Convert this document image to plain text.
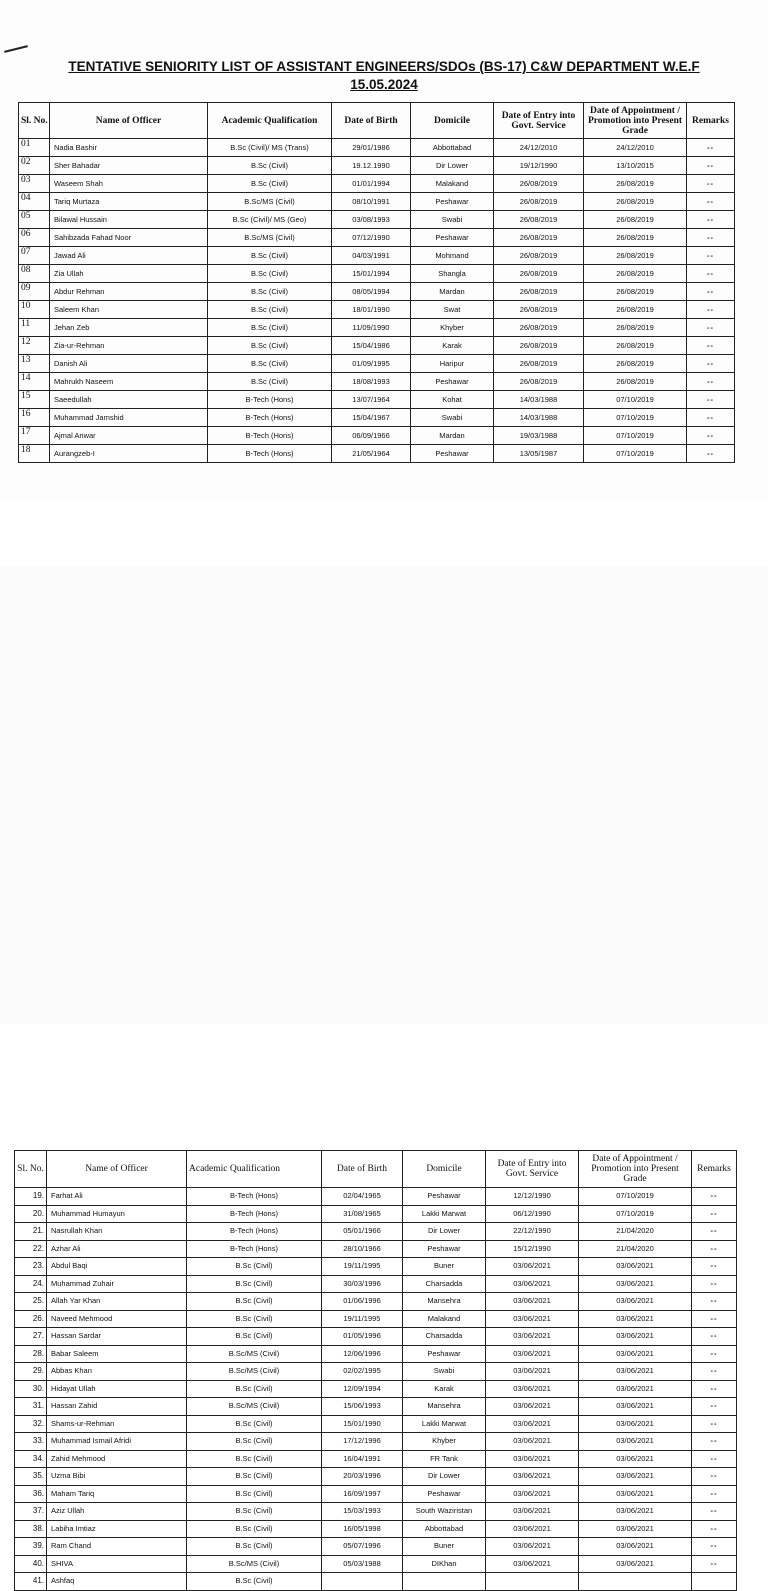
TENTATIVE SENIORITY LIST OF ASSISTANT ENGINEERS/SDOs (BS-17) C&W DEPARTMENT W.E.F
15.05.2024
Sl. No.	Name of Officer	Academic Qualification	Date of Birth	Domicile	Date of Entry into Govt. Service	Date of Appointment / Promotion into Present Grade	Remarks
01	Nadia Bashir	B.Sc (Civil)/ MS (Trans)	29/01/1986	Abbottabad	24/12/2010	24/12/2010	--
02	Sher Bahadar	B.Sc (Civil)	19.12.1990	Dir Lower	19/12/1990	13/10/2015	--
03	Waseem Shah	B.Sc (Civil)	01/01/1994	Malakand	26/08/2019	26/08/2019	--
04	Tariq Murtaza	B.Sc/MS (Civil)	08/10/1991	Peshawar	26/08/2019	26/08/2019	--
05	Bilawal Hussain	B.Sc (Civil)/ MS (Geo)	03/08/1993	Swabi	26/08/2019	26/08/2019	--
06	Sahibzada Fahad Noor	B.Sc/MS (Civil)	07/12/1990	Peshawar	26/08/2019	26/08/2019	--
07	Jawad Ali	B.Sc (Civil)	04/03/1991	Mohmand	26/08/2019	26/08/2019	--
08	Zia Ullah	B.Sc (Civil)	15/01/1994	Shangla	26/08/2019	26/08/2019	--
09	Abdur Rehman	B.Sc (Civil)	08/05/1994	Mardan	26/08/2019	26/08/2019	--
10	Saleem Khan	B.Sc (Civil)	18/01/1990	Swat	26/08/2019	26/08/2019	--
11	Jehan Zeb	B.Sc (Civil)	11/09/1990	Khyber	26/08/2019	26/08/2019	--
12	Zia-ur-Rehman	B.Sc (Civil)	15/04/1986	Karak	26/08/2019	26/08/2019	--
13	Danish Ali	B.Sc (Civil)	01/09/1995	Haripur	26/08/2019	26/08/2019	--
14	Mahrukh Naseem	B.Sc (Civil)	18/08/1993	Peshawar	26/08/2019	26/08/2019	--
15	Saeedullah	B-Tech (Hons)	13/07/1964	Kohat	14/03/1988	07/10/2019	--
16	Muhammad Jamshid	B-Tech (Hons)	15/04/1967	Swabi	14/03/1988	07/10/2019	--
17	Ajmal Anwar	B-Tech (Hons)	06/09/1966	Mardan	19/03/1988	07/10/2019	--
18	Aurangzeb-I	B-Tech (Hons)	21/05/1964	Peshawar	13/05/1987	07/10/2019	--
Sl. No.	Name of Officer	Academic Qualification	Date of Birth	Domicile	Date of Entry into Govt. Service	Date of Appointment / Promotion into Present Grade	Remarks
19.	Farhat Ali	B-Tech (Hons)	02/04/1965	Peshawar	12/12/1990	07/10/2019	--
20.	Muhammad Humayun	B-Tech (Hons)	31/08/1965	Lakki Marwat	06/12/1990	07/10/2019	--
21.	Nasrullah Khan	B-Tech (Hons)	05/01/1966	Dir Lower	22/12/1990	21/04/2020	--
22.	Azhar Ali	B-Tech (Hons)	28/10/1966	Peshawar	15/12/1990	21/04/2020	--
23.	Abdul Baqi	B.Sc (Civil)	19/11/1995	Buner	03/06/2021	03/06/2021	--
24.	Muhammad Zuhair	B.Sc (Civil)	30/03/1996	Charsadda	03/06/2021	03/06/2021	--
25.	Allah Yar Khan	B.Sc (Civil)	01/06/1996	Mansehra	03/06/2021	03/06/2021	--
26.	Naveed Mehmood	B.Sc (Civil)	19/11/1995	Malakand	03/06/2021	03/06/2021	--
27.	Hassan Sardar	B.Sc (Civil)	01/05/1996	Charsadda	03/06/2021	03/06/2021	--
28.	Babar Saleem	B.Sc/MS (Civil)	12/06/1996	Peshawar	03/06/2021	03/06/2021	--
29.	Abbas Khan	B.Sc/MS (Civil)	02/02/1995	Swabi	03/06/2021	03/06/2021	--
30.	Hidayat Ullah	B.Sc (Civil)	12/09/1994	Karak	03/06/2021	03/06/2021	--
31.	Hassan Zahid	B.Sc/MS (Civil)	15/06/1993	Mansehra	03/06/2021	03/06/2021	--
32.	Shams-ur-Rehman	B.Sc (Civil)	15/01/1990	Lakki Marwat	03/06/2021	03/06/2021	--
33.	Muhammad Ismail Afridi	B.Sc (Civil)	17/12/1996	Khyber	03/06/2021	03/06/2021	--
34.	Zahid Mehmood	B.Sc (Civil)	16/04/1991	FR Tank	03/06/2021	03/06/2021	--
35.	Uzma Bibi	B.Sc (Civil)	20/03/1996	Dir Lower	03/06/2021	03/06/2021	--
36.	Maham Tariq	B.Sc (Civil)	16/09/1997	Peshawar	03/06/2021	03/06/2021	--
37.	Aziz Ullah	B.Sc (Civil)	15/03/1993	South Waziristan	03/06/2021	03/06/2021	--
38.	Labiha Imtiaz	B.Sc (Civil)	16/05/1998	Abbottabad	03/06/2021	03/06/2021	--
39.	Ram Chand	B.Sc (Civil)	05/07/1996	Buner	03/06/2021	03/06/2021	--
40.	SHIVA	B.Sc/MS (Civil)	05/03/1988	DIKhan	03/06/2021	03/06/2021	--
41.	Ashfaq	B.Sc (Civil)					
